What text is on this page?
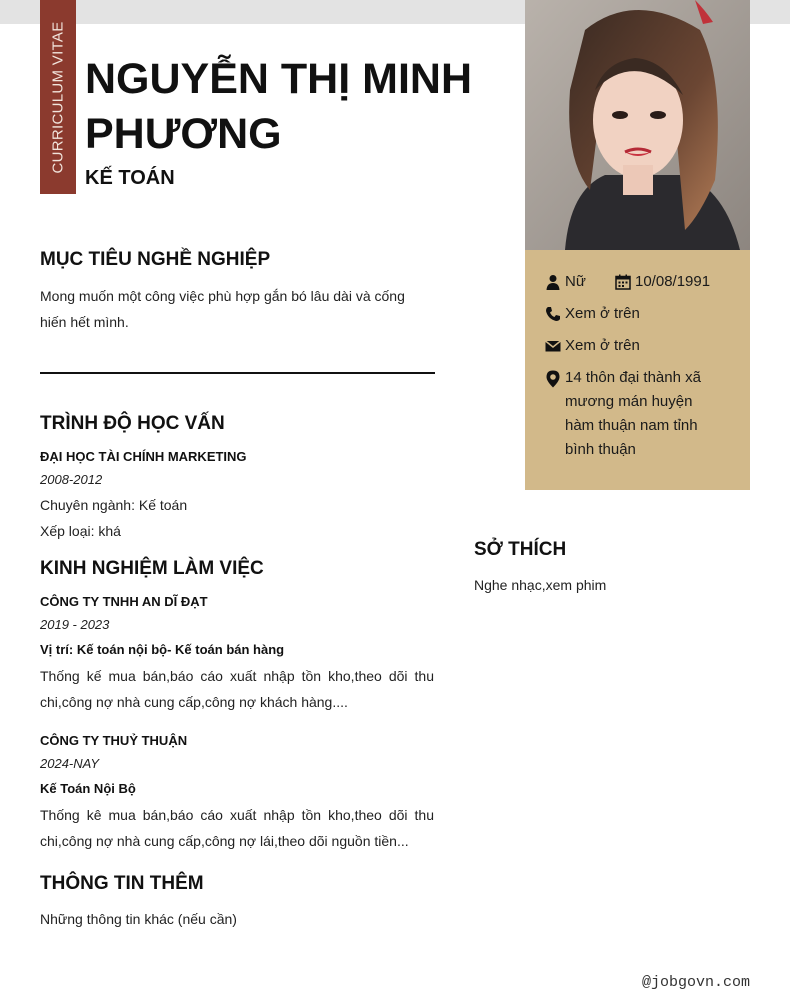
CURRICULUM VITAE NGUYỄN THỊ MINH PHƯƠNG
KẾ TOÁN
Nữ	10/08/1991
Xem ở trên
Xem ở trên
14 thôn đại thành xã mương mán huyện hàm thuận nam tỉnh bình thuận
MỤC TIÊU NGHỀ NGHIỆP

Mong muốn một công việc phù hợp gắn bó lâu dài và cống hiến hết mình.

TRÌNH ĐỘ HỌC VẤN
ĐẠI HỌC TÀI CHÍNH MARKETING
2008-2012
Chuyên ngành: Kế toán
Xếp loại: khá
KINH NGHIỆM LÀM VIỆC
CÔNG TY TNHH AN DĨ ĐẠT
2019 - 2023
Vị trí: Kế toán nội bộ- Kế toán bán hàng

Thống kế mua bán,báo cáo xuất nhập tồn kho,theo dõi thu chi,công nợ nhà cung cấp,công nợ khách hàng....

CÔNG TY THUỶ THUẬN
2024-NAY
Kế Toán Nội Bộ

Thống kê mua bán,báo cáo xuất nhập tồn kho,theo dõi thu chi,công nợ nhà cung cấp,công nợ lái,theo dõi nguồn tiền...

THÔNG TIN THÊM
Những thông tin khác (nếu cần)
SỞ THÍCH
Nghe nhạc,xem phim
@jobgovn.com
